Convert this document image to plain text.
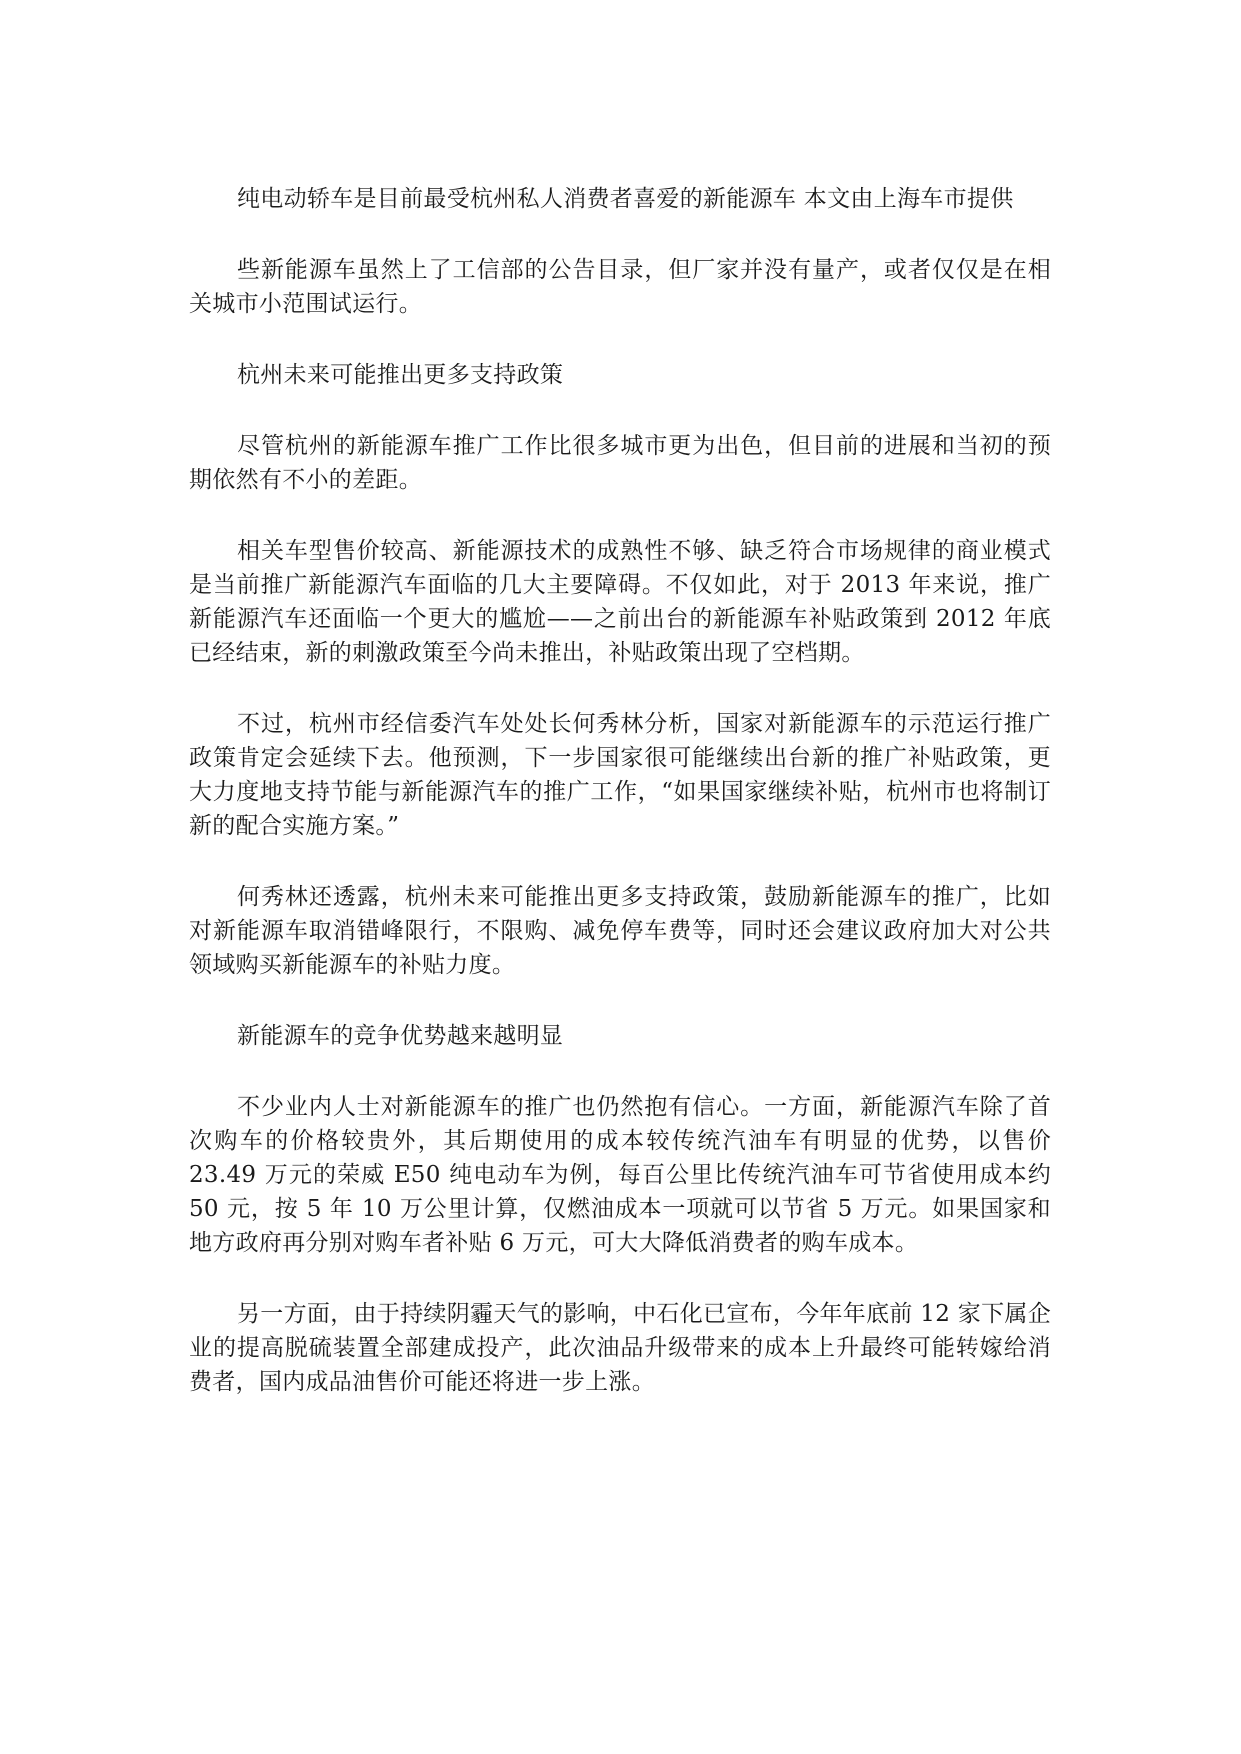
纯电动轿车是目前最受杭州私人消费者喜爱的新能源车 本文由上海车市提供

些新能源车虽然上了工信部的公告目录，但厂家并没有量产，或者仅仅是在相关城市小范围试运行。

杭州未来可能推出更多支持政策

尽管杭州的新能源车推广工作比很多城市更为出色，但目前的进展和当初的预期依然有不小的差距。

相关车型售价较高、新能源技术的成熟性不够、缺乏符合市场规律的商业模式是当前推广新能源汽车面临的几大主要障碍。不仅如此，对于 2013 年来说，推广新能源汽车还面临一个更大的尴尬——之前出台的新能源车补贴政策到 2012 年底已经结束，新的刺激政策至今尚未推出，补贴政策出现了空档期。

不过，杭州市经信委汽车处处长何秀林分析，国家对新能源车的示范运行推广政策肯定会延续下去。他预测，下一步国家很可能继续出台新的推广补贴政策，更大力度地支持节能与新能源汽车的推广工作，“如果国家继续补贴，杭州市也将制订新的配合实施方案。”

何秀林还透露，杭州未来可能推出更多支持政策，鼓励新能源车的推广，比如对新能源车取消错峰限行，不限购、减免停车费等，同时还会建议政府加大对公共领域购买新能源车的补贴力度。

新能源车的竞争优势越来越明显

不少业内人士对新能源车的推广也仍然抱有信心。一方面，新能源汽车除了首次购车的价格较贵外，其后期使用的成本较传统汽油车有明显的优势，以售价 23.49 万元的荣威 E50 纯电动车为例，每百公里比传统汽油车可节省使用成本约 50 元，按 5 年 10 万公里计算，仅燃油成本一项就可以节省 5 万元。如果国家和地方政府再分别对购车者补贴 6 万元，可大大降低消费者的购车成本。

另一方面，由于持续阴霾天气的影响，中石化已宣布，今年年底前 12 家下属企业的提高脱硫装置全部建成投产，此次油品升级带来的成本上升最终可能转嫁给消费者，国内成品油售价可能还将进一步上涨。
